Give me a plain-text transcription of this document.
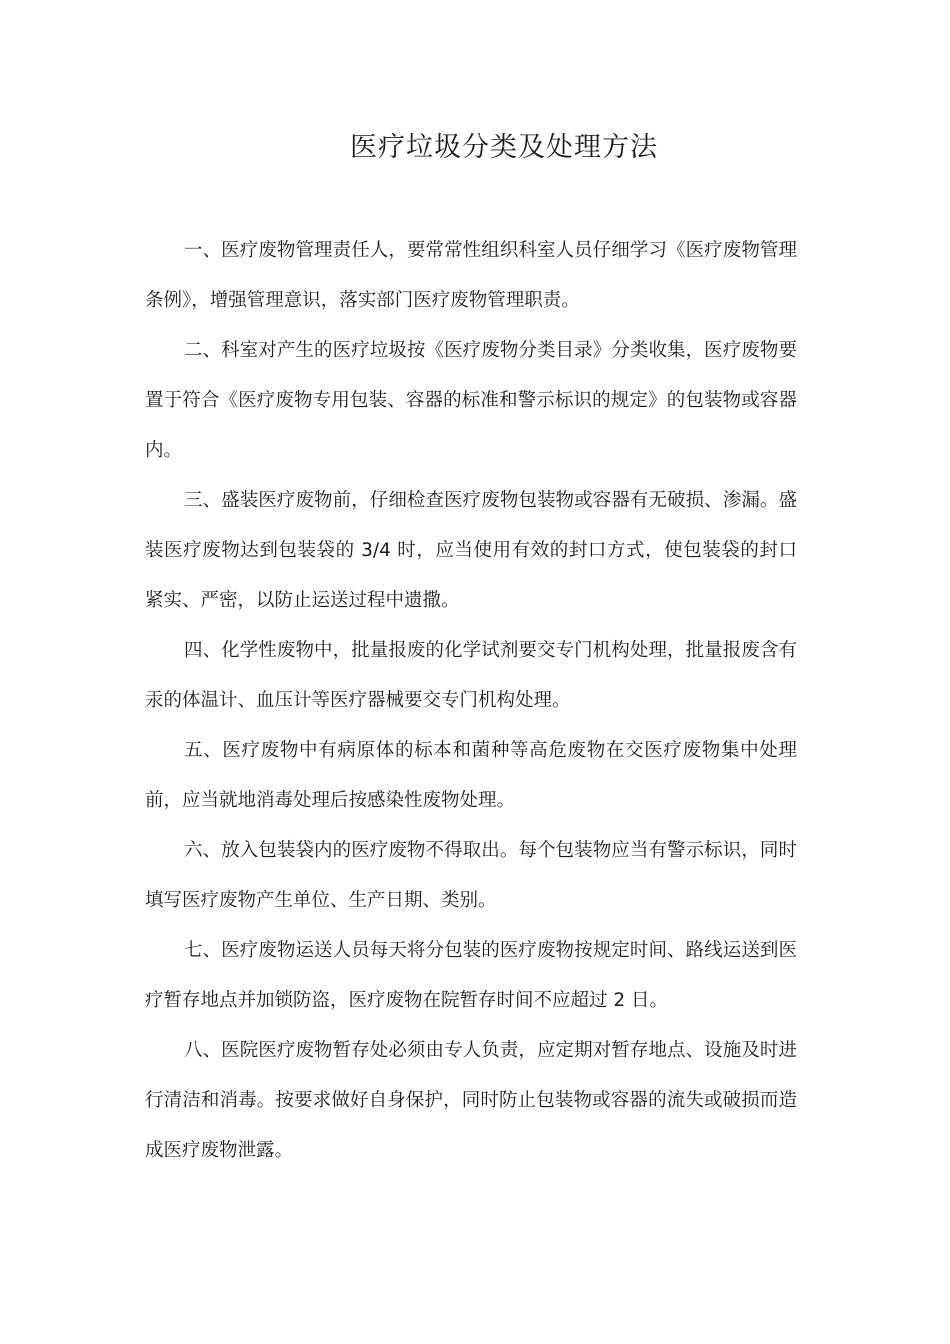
医疗垃圾分类及处理方法

一、医疗废物管理责任人，要常常性组织科室人员仔细学习《医疗废物管理条例》，增强管理意识，落实部门医疗废物管理职责。

二、科室对产生的医疗垃圾按《医疗废物分类目录》分类收集，医疗废物要置于符合《医疗废物专用包装、容器的标准和警示标识的规定》的包装物或容器内。

三、盛装医疗废物前，仔细检查医疗废物包装物或容器有无破损、渗漏。盛装医疗废物达到包装袋的 3/4 时，应当使用有效的封口方式，使包装袋的封口紧实、严密，以防止运送过程中遗撒。

四、化学性废物中，批量报废的化学试剂要交专门机构处理，批量报废含有汞的体温计、血压计等医疗器械要交专门机构处理。

五、医疗废物中有病原体的标本和菌种等高危废物在交医疗废物集中处理前，应当就地消毒处理后按感染性废物处理。

六、放入包装袋内的医疗废物不得取出。每个包装物应当有警示标识，同时填写医疗废物产生单位、生产日期、类别。

七、医疗废物运送人员每天将分包装的医疗废物按规定时间、路线运送到医疗暂存地点并加锁防盗，医疗废物在院暂存时间不应超过 2 日。

八、医院医疗废物暂存处必须由专人负责，应定期对暂存地点、设施及时进行清洁和消毒。按要求做好自身保护，同时防止包装物或容器的流失或破损而造成医疗废物泄露。
